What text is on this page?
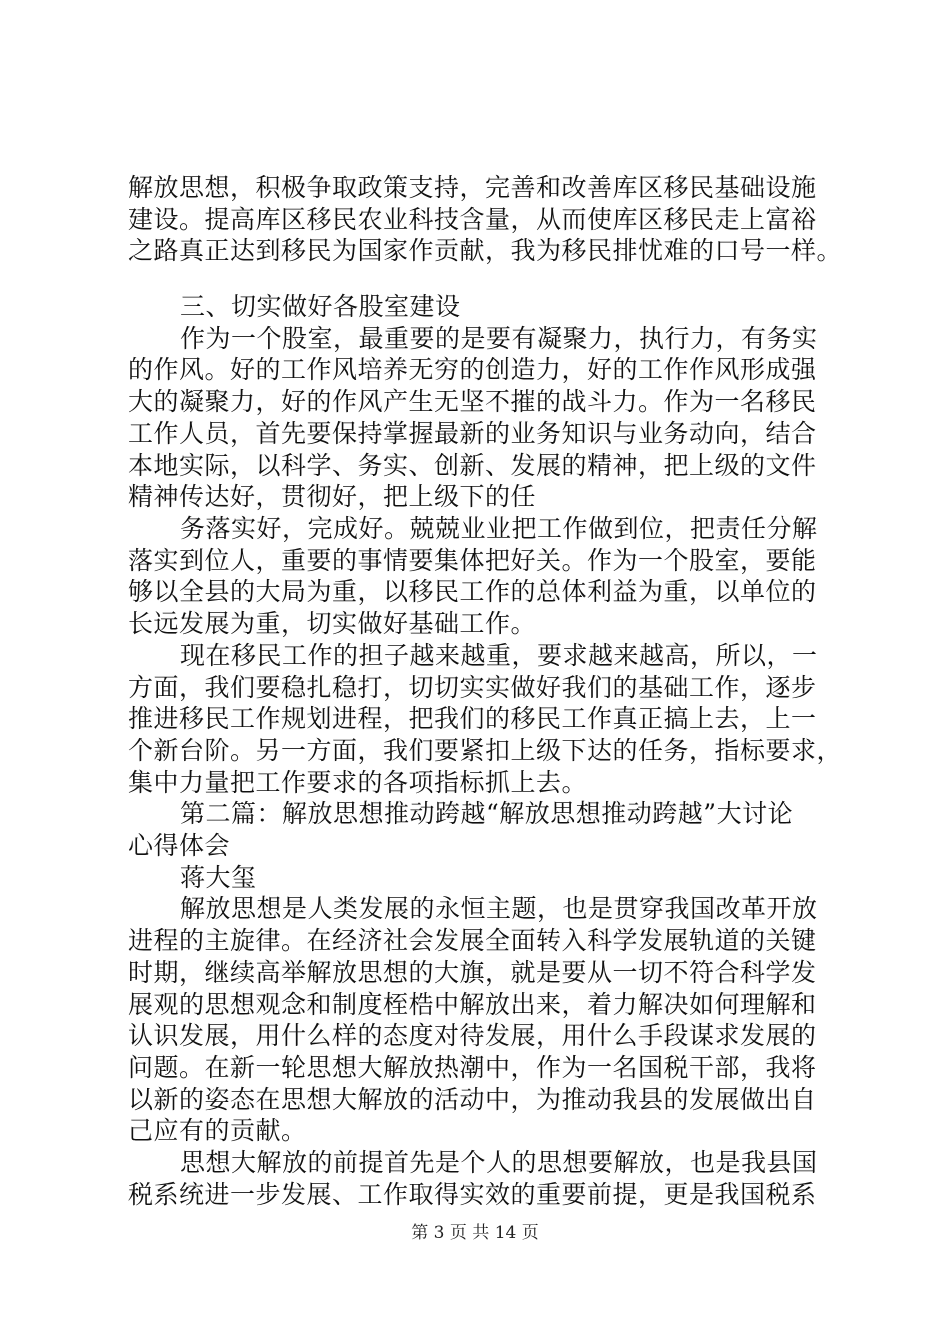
解放思想，积极争取政策支持，完善和改善库区移民基础设施
建设。提高库区移民农业科技含量，从而使库区移民走上富裕
之路真正达到移民为国家作贡献，我为移民排忧难的口号一样。
三、切实做好各股室建设
作为一个股室，最重要的是要有凝聚力，执行力，有务实
的作风。好的工作风培养无穷的创造力，好的工作作风形成强
大的凝聚力，好的作风产生无坚不摧的战斗力。作为一名移民
工作人员，首先要保持掌握最新的业务知识与业务动向，结合
本地实际，以科学、务实、创新、发展的精神，把上级的文件
精神传达好，贯彻好，把上级下的任
务落实好，完成好。兢兢业业把工作做到位，把责任分解
落实到位人，重要的事情要集体把好关。作为一个股室，要能
够以全县的大局为重，以移民工作的总体利益为重，以单位的
长远发展为重，切实做好基础工作。
现在移民工作的担子越来越重，要求越来越高，所以，一
方面，我们要稳扎稳打，切切实实做好我们的基础工作，逐步
推进移民工作规划进程，把我们的移民工作真正搞上去，上一
个新台阶。另一方面，我们要紧扣上级下达的任务，指标要求，
集中力量把工作要求的各项指标抓上去。
第二篇：解放思想推动跨越“解放思想推动跨越”大讨论
心得体会
蒋大玺
解放思想是人类发展的永恒主题，也是贯穿我国改革开放
进程的主旋律。在经济社会发展全面转入科学发展轨道的关键
时期，继续高举解放思想的大旗，就是要从一切不符合科学发
展观的思想观念和制度桎梏中解放出来，着力解决如何理解和
认识发展，用什么样的态度对待发展，用什么手段谋求发展的
问题。在新一轮思想大解放热潮中，作为一名国税干部，我将
以新的姿态在思想大解放的活动中，为推动我县的发展做出自
己应有的贡献。
思想大解放的前提首先是个人的思想要解放，也是我县国
税系统进一步发展、工作取得实效的重要前提，更是我国税系
第 3 页 共 14 页
